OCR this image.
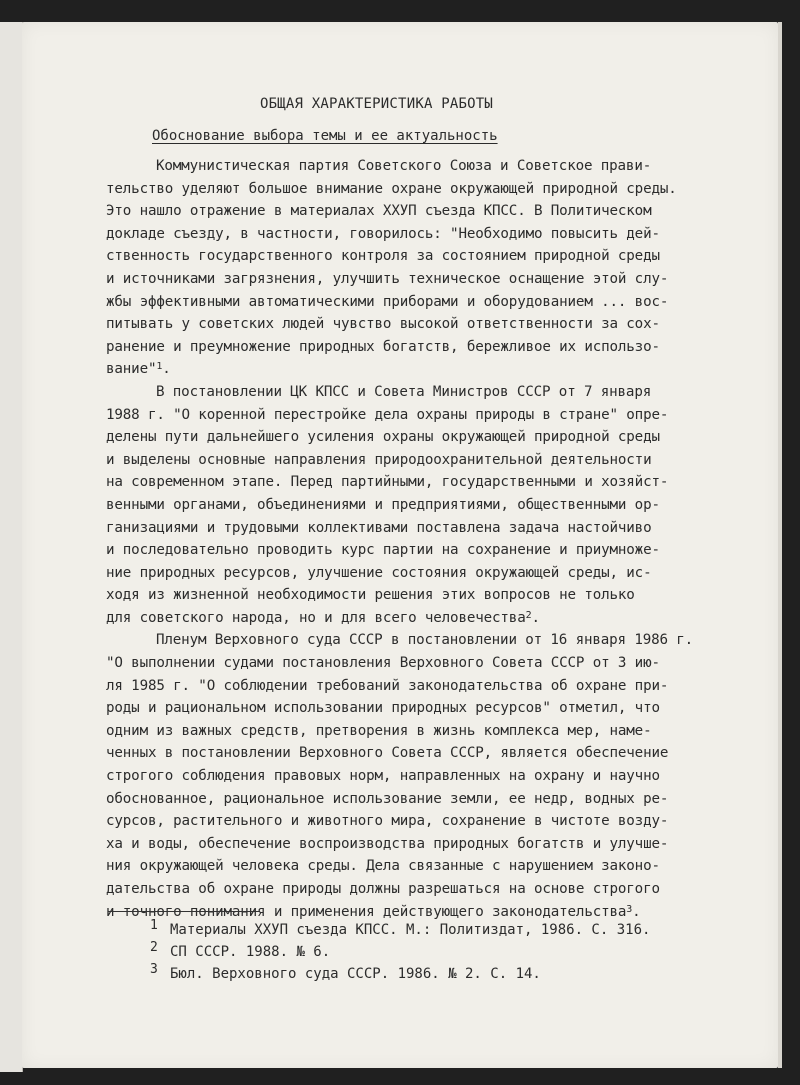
ОБЩАЯ ХАРАКТЕРИСТИКА РАБОТЫ
Обоснование выбора темы и ее актуальность
Коммунистическая партия Советского Союза и Советское прави-
тельство уделяют большое внимание охране окружающей природной среды.
Это нашло отражение в материалах ХХУП съезда КПСС. В Политическом
докладе съезду, в частности, говорилось: "Необходимо повысить дей-
ственность государственного контроля за состоянием природной среды
и источниками загрязнения, улучшить техническое оснащение этой слу-
жбы эффективными автоматическими приборами и оборудованием ... вос-
питывать у советских людей чувство высокой ответственности за сох-
ранение и преумножение природных богатств, бережливое их использо-
вание"$^1$.
В постановлении ЦК КПСС и Совета Министров СССР от 7 января
1988 г. "О коренной перестройке дела охраны природы в стране" опре-
делены пути дальнейшего усиления охраны окружающей природной среды
и выделены основные направления природоохранительной деятельности
на современном этапе. Перед партийными, государственными и хозяйст-
венными органами, объединениями и предприятиями, общественными ор-
ганизациями и трудовыми коллективами поставлена задача настойчиво
и последовательно проводить курс партии на сохранение и приумноже-
ние природных ресурсов, улучшение состояния окружающей среды, ис-
ходя из жизненной необходимости решения этих вопросов не только
для советского народа, но и для всего человечества$^2$.
Пленум Верховного суда СССР в постановлении от 16 января 1986 г.
"О выполнении судами постановления Верховного Совета СССР от 3 ию-
ля 1985 г. "О соблюдении требований законодательства об охране при-
роды и рациональном использовании природных ресурсов" отметил, что
одним из важных средств, претворения в жизнь комплекса мер, наме-
ченных в постановлении Верховного Совета СССР, является обеспечение
строгого соблюдения правовых норм, направленных на охрану и научно
обоснованное, рациональное использование земли, ее недр, водных ре-
сурсов, растительного и животного мира, сохранение в чистоте возду-
ха и воды, обеспечение воспроизводства природных богатств и улучше-
ния окружающей человека среды. Дела связанные с нарушением законо-
дательства об охране природы должны разрешаться на основе строгого
и точного понимания и применения действующего законодательства$^3$.
1 Материалы ХХУП съезда КПСС. М.: Политиздат, 1986. С. 316.
2 СП СССР. 1988. № 6.
3 Бюл. Верховного суда СССР. 1986. № 2. С. 14.
